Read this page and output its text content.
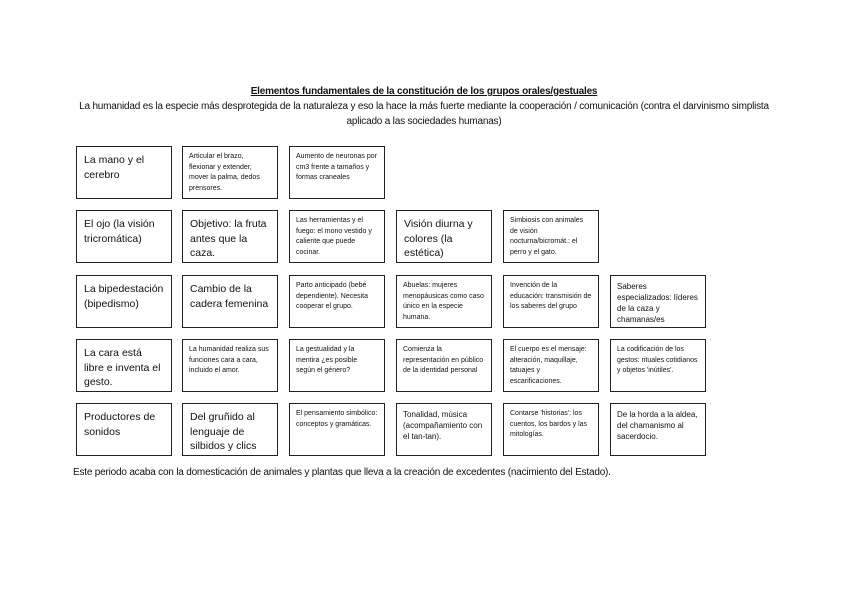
Elementos fundamentales de la constitución de los grupos orales/gestuales
La humanidad es la especie más desprotegida de la naturaleza y eso la hace la más fuerte mediante la cooperación / comunicación (contra el darvinismo simplista aplicado a las sociedades humanas)
La mano y el cerebro
Articular el brazo, flexionar y extender, mover la palma, dedos prensores.
Aumento de neuronas por cm3 frente a tamaños y formas craneales
El ojo (la visión tricromática)
Objetivo: la fruta antes que la caza.
Las herramientas y el fuego: el mono vestido y caliente que puede cocinar.
Visión diurna y colores (la estética)
Simbiosis con animales de visión nocturna/bicromát.: el perro y el gato.
La bipedestación (bipedismo)
Cambio de la cadera femenina
Parto anticipado (bebé dependiente). Necesita cooperar el grupo.
Abuelas: mujeres menopáusicas como caso único en la especie humana.
Invención de la educación: transmisión de los saberes del grupo
Saberes especializados: líderes de la caza y chamanas/es
La cara está libre e inventa el gesto.
La humanidad realiza sus funciones cara a cara, incluido el amor.
La gestualidad y la mentira ¿es posible según el género?
Comienza la representación en público de la identidad personal
El cuerpo es el mensaje: alteración, maquillaje, tatuajes y escarificaciones.
La codificación de los gestos: rituales cotidianos y objetos 'inútiles'.
Productores de sonidos
Del gruñido al lenguaje de silbidos y clics
El pensamiento simbólico: conceptos y gramáticas.
Tonalidad, música (acompañamiento con el tan-tan).
Contarse 'historias': los cuentos, los bardos y las mitologías.
De la horda a la aldea, del chamanismo al sacerdocio.
Este periodo acaba con la domesticación de animales y plantas que lleva a la creación de excedentes (nacimiento del Estado).
